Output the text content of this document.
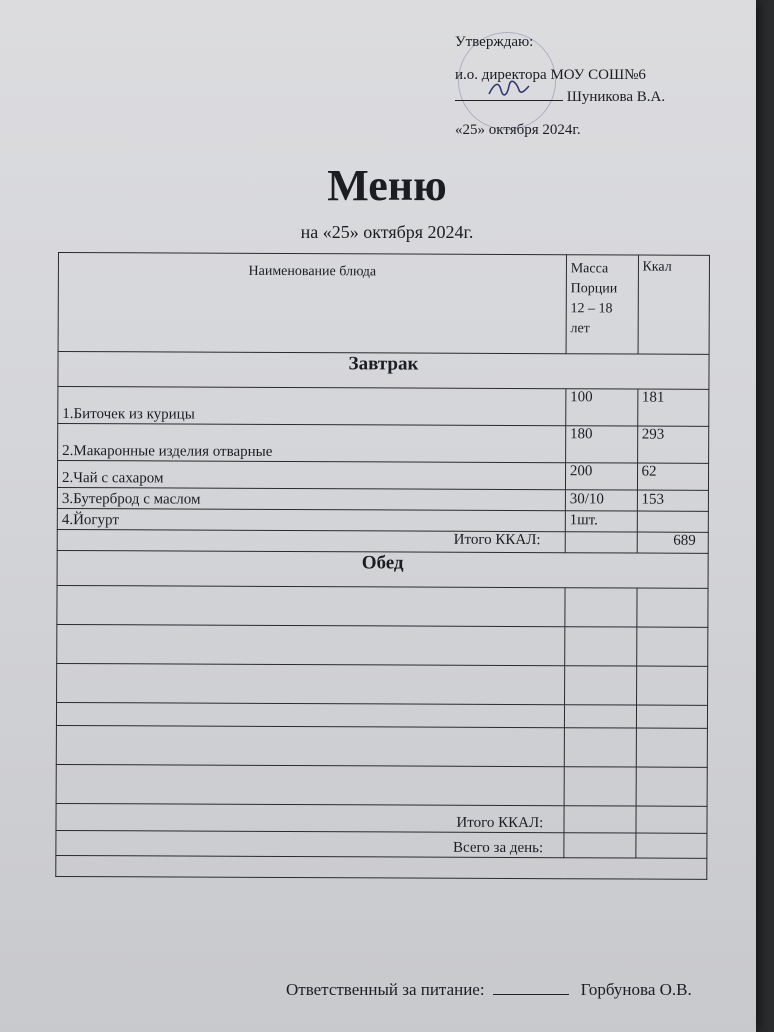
Утверждаю:
и.о. директора МОУ СОШ№6
Шуникова В.А.
«25» октября 2024г.
Меню
на «25» октября 2024г.
Наименование блюда	Масса Порции 12 – 18 лет	Ккал
Завтрак		
1.Биточек из курицы	100	181
2.Макаронные изделия отварные	180	293
2.Чай с сахаром	200	62
3.Бутерброд с маслом	30/10	153
4.Йогурт	1шт.	
Итого ККАЛ:		689
Обед		

Итого ККАЛ:		
Всего за день:		

Ответственный за питание:	Горбунова О.В.
